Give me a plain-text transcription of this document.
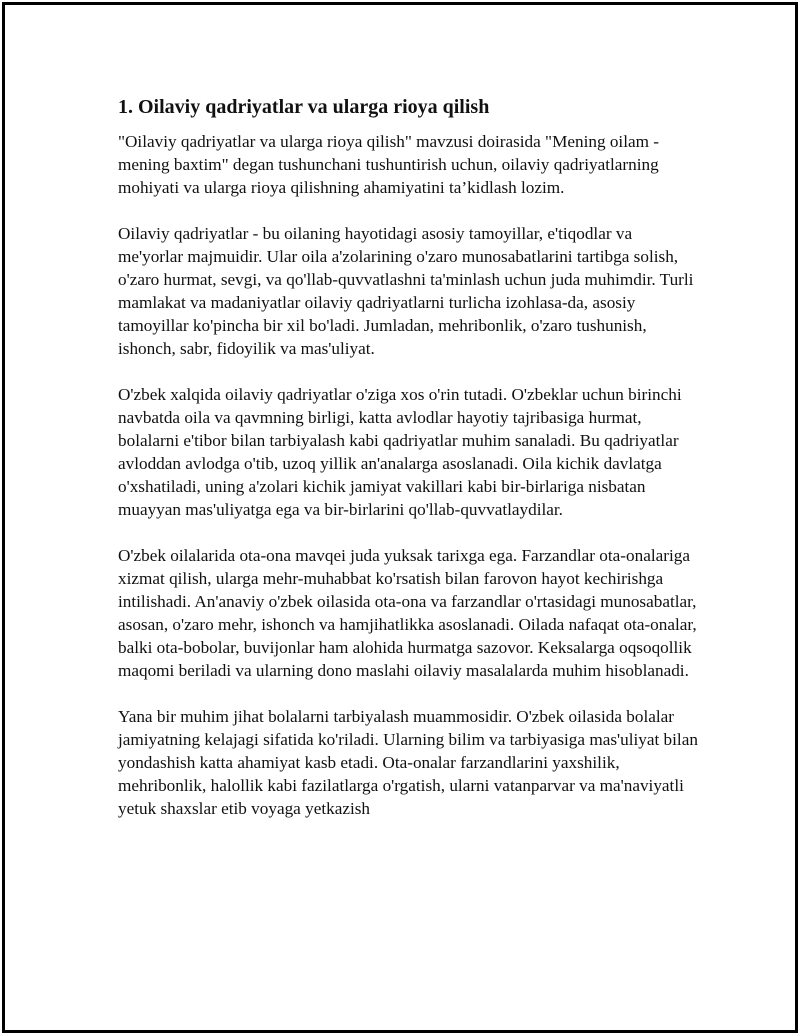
1. Oilaviy qadriyatlar va ularga rioya qilish

"Oilaviy qadriyatlar va ularga rioya qilish" mavzusi doirasida "Mening oilam - mening baxtim" degan tushunchani tushuntirish uchun, oilaviy qadriyatlarning mohiyati va ularga rioya qilishning ahamiyatini ta’kidlash lozim.

Oilaviy qadriyatlar - bu oilaning hayotidagi asosiy tamoyillar, e'tiqodlar va me'yorlar majmuidir. Ular oila a'zolarining o'zaro munosabatlarini tartibga solish, o'zaro hurmat, sevgi, va qo'llab-quvvatlashni ta'minlash uchun juda muhimdir. Turli mamlakat va madaniyatlar oilaviy qadriyatlarni turlicha izohlasa-da, asosiy tamoyillar ko'pincha bir xil bo'ladi. Jumladan, mehribonlik, o'zaro tushunish, ishonch, sabr, fidoyilik va mas'uliyat.

O'zbek xalqida oilaviy qadriyatlar o'ziga xos o'rin tutadi. O'zbeklar uchun birinchi navbatda oila va qavmning birligi, katta avlodlar hayotiy tajribasiga hurmat, bolalarni e'tibor bilan tarbiyalash kabi qadriyatlar muhim sanaladi. Bu qadriyatlar avloddan avlodga o'tib, uzoq yillik an'analarga asoslanadi. Oila kichik davlatga o'xshatiladi, uning a'zolari kichik jamiyat vakillari kabi bir-birlariga nisbatan muayyan mas'uliyatga ega va bir-birlarini qo'llab-quvvatlaydilar.

O'zbek oilalarida ota-ona mavqei juda yuksak tarixga ega. Farzandlar ota-onalariga xizmat qilish, ularga mehr-muhabbat ko'rsatish bilan farovon hayot kechirishga intilishadi. An'anaviy o'zbek oilasida ota-ona va farzandlar o'rtasidagi munosabatlar, asosan, o'zaro mehr, ishonch va hamjihatlikka asoslanadi. Oilada nafaqat ota-onalar, balki ota-bobolar, buvijonlar ham alohida hurmatga sazovor. Keksalarga oqsoqollik maqomi beriladi va ularning dono maslahi oilaviy masalalarda muhim hisoblanadi.

Yana bir muhim jihat bolalarni tarbiyalash muammosidir. O'zbek oilasida bolalar jamiyatning kelajagi sifatida ko'riladi. Ularning bilim va tarbiyasiga mas'uliyat bilan yondashish katta ahamiyat kasb etadi. Ota-onalar farzandlarini yaxshilik, mehribonlik, halollik kabi fazilatlarga o'rgatish, ularni vatanparvar va ma'naviyatli yetuk shaxslar etib voyaga yetkazish
